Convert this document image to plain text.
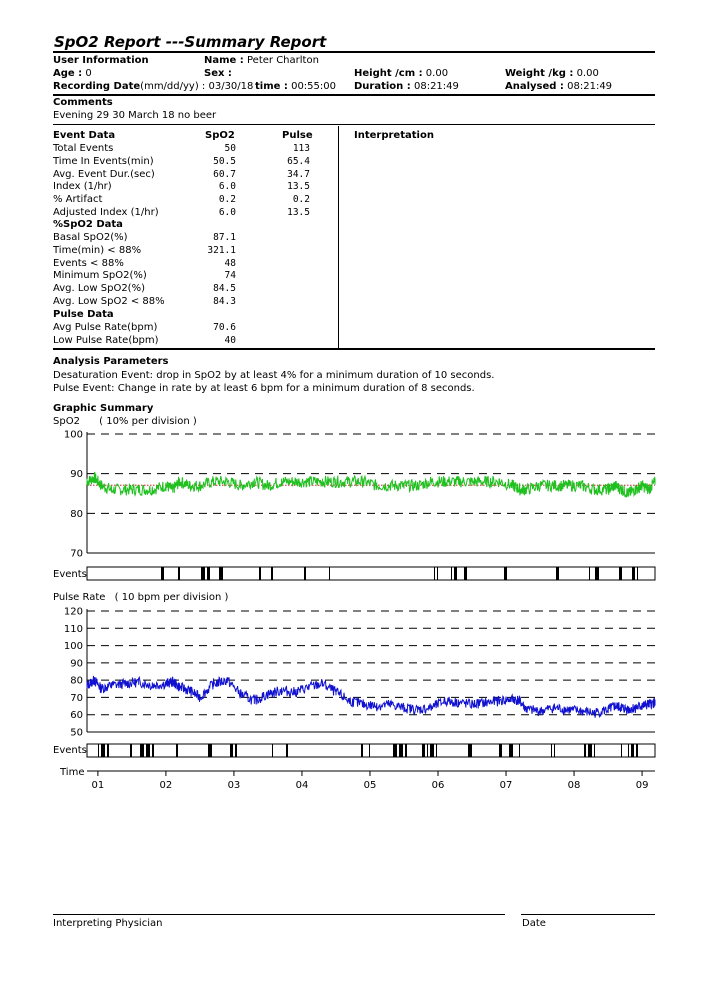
SpO2 Report ---Summary Report
User Information	Name : Peter Charlton
Age : 0	Sex :	Height /cm : 0.00	Weight /kg : 0.00
Recording Date(mm/dd/yy) : 03/30/18 time : 00:55:00 Duration : 08:21:49	Analysed : 08:21:49
Comments
Evening 29 30 March 18 no beer
Event Data	SpO2	Pulse	Interpretation
Total Events	50	113
Time In Events(min)	50.5	65.4
Avg. Event Dur.(sec)	60.7	34.7
Index (1/hr)	6.0	13.5
% Artifact	0.2	0.2
Adjusted Index (1/hr)	6.0	13.5
%SpO2 Data
Basal SpO2(%)	87.1
Time(min) < 88%	321.1
Events < 88%	48
Minimum SpO2(%)	74
Avg. Low SpO2(%)	84.5
Avg. Low SpO2 < 88%	84.3
Pulse Data
Avg Pulse Rate(bpm)	70.6
Low Pulse Rate(bpm)	40
Analysis Parameters
Desaturation Event: drop in SpO2 by at least 4% for a minimum duration of 10 seconds.
Pulse Event: Change in rate by at least 6 bpm for a minimum duration of 8 seconds.
Graphic Summary
SpO2 ( 10% per division )
Pulse Rate ( 10 bpm per division )
Events
Events
Time
100
90
80
70
120
110
100
90
80
70
60
50
01	02	03	04	05	06	07	08	09
Interpreting Physician	Date
